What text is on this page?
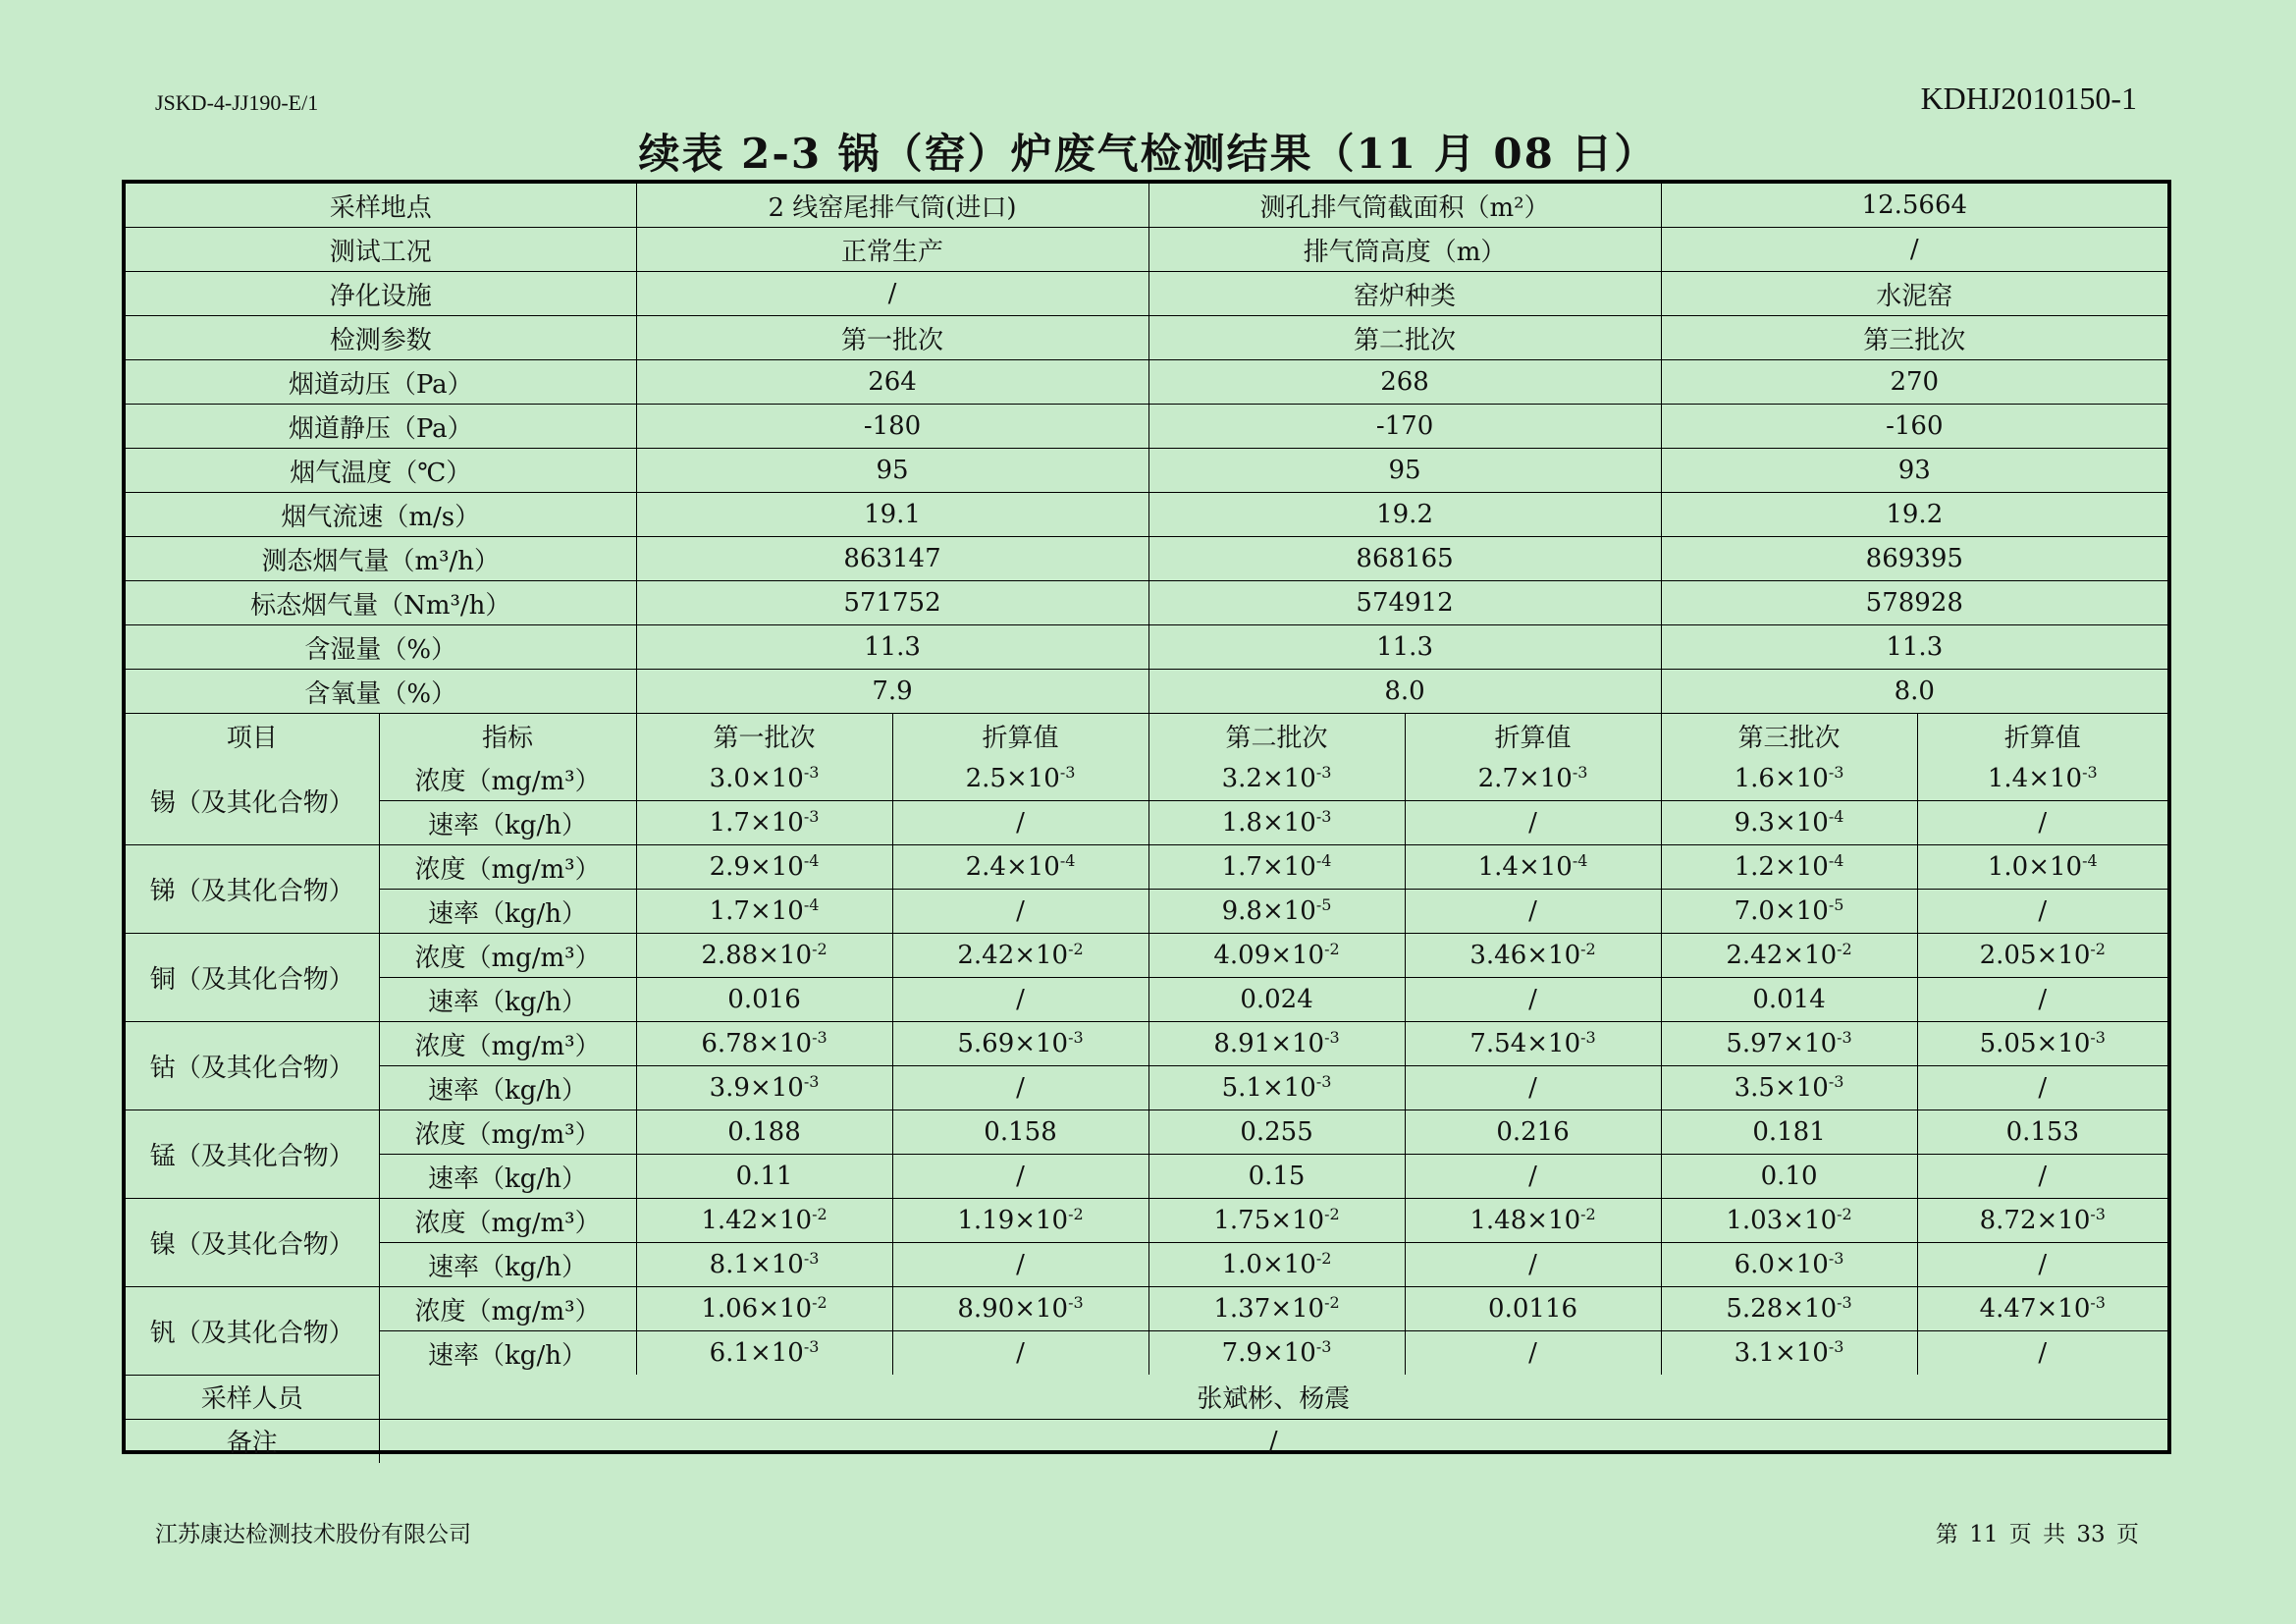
JSKD-4-JJ190-E/1	KDHJ2010150-1
续表 2-3 锅（窑）炉废气检测结果（11 月 08 日）
采样地点		2 线窑尾排气筒(进口)		测孔排气筒截面积（m²）		12.5664	
测试工况		正常生产		排气筒高度（m）		/	
净化设施		/		窑炉种类		水泥窑	
检测参数		第一批次		第二批次		第三批次	
烟道动压（Pa）		264		268		270	
烟道静压（Pa）		-180		-170		-160	
烟气温度（℃）		95		95		93	
烟气流速（m/s）		19.1		19.2		19.2	
测态烟气量（m³/h）		863147		868165		869395	
标态烟气量（Nm³/h）		571752		574912		578928	
含湿量（%）		11.3		11.3		11.3	
含氧量（%）		7.9		8.0		8.0	
项目	指标	第一批次	折算值	第二批次	折算值	第三批次	折算值
锡（及其化合物）	浓度（mg/m³）	$3.0\times 10^{-3}$	$2.5\times 10^{-3}$	$3.2\times 10^{-3}$	$2.7\times 10^{-3}$	$1.6\times 10^{-3}$	$1.4\times 10^{-3}$
	速率（kg/h）	$1.7\times 10^{-3}$	/	$1.8\times 10^{-3}$	/	$9.3\times 10^{-4}$	/
锑（及其化合物）	浓度（mg/m³）	$2.9\times 10^{-4}$	$2.4\times 10^{-4}$	$1.7\times 10^{-4}$	$1.4\times 10^{-4}$	$1.2\times 10^{-4}$	$1.0\times 10^{-4}$
	速率（kg/h）	$1.7\times 10^{-4}$	/	$9.8\times 10^{-5}$	/	$7.0\times 10^{-5}$	/
铜（及其化合物）	浓度（mg/m³）	$2.88\times 10^{-2}$	$2.42\times 10^{-2}$	$4.09\times 10^{-2}$	$3.46\times 10^{-2}$	$2.42\times 10^{-2}$	$2.05\times 10^{-2}$
	速率（kg/h）	0.016	/	0.024	/	0.014	/
钴（及其化合物）	浓度（mg/m³）	$6.78\times 10^{-3}$	$5.69\times 10^{-3}$	$8.91\times 10^{-3}$	$7.54\times 10^{-3}$	$5.97\times 10^{-3}$	$5.05\times 10^{-3}$
	速率（kg/h）	$3.9\times 10^{-3}$	/	$5.1\times 10^{-3}$	/	$3.5\times 10^{-3}$	/
锰（及其化合物）	浓度（mg/m³）	0.188	0.158	0.255	0.216	0.181	0.153
	速率（kg/h）	0.11	/	0.15	/	0.10	/
镍（及其化合物）	浓度（mg/m³）	$1.42\times 10^{-2}$	$1.19\times 10^{-2}$	$1.75\times 10^{-2}$	$1.48\times 10^{-2}$	$1.03\times 10^{-2}$	$8.72\times 10^{-3}$
	速率（kg/h）	$8.1\times 10^{-3}$	/	$1.0\times 10^{-2}$	/	$6.0\times 10^{-3}$	/
钒（及其化合物）	浓度（mg/m³）	$1.06\times 10^{-2}$	$8.90\times 10^{-3}$	$1.37\times 10^{-2}$	0.0116	$5.28\times 10^{-3}$	$4.47\times 10^{-3}$
	速率（kg/h）	$6.1\times 10^{-3}$	/	$7.9\times 10^{-3}$	/	$3.1\times 10^{-3}$	/
采样人员	张斌彬、杨震						
备注	/						
江苏康达检测技术股份有限公司	第 11 页 共 33 页
